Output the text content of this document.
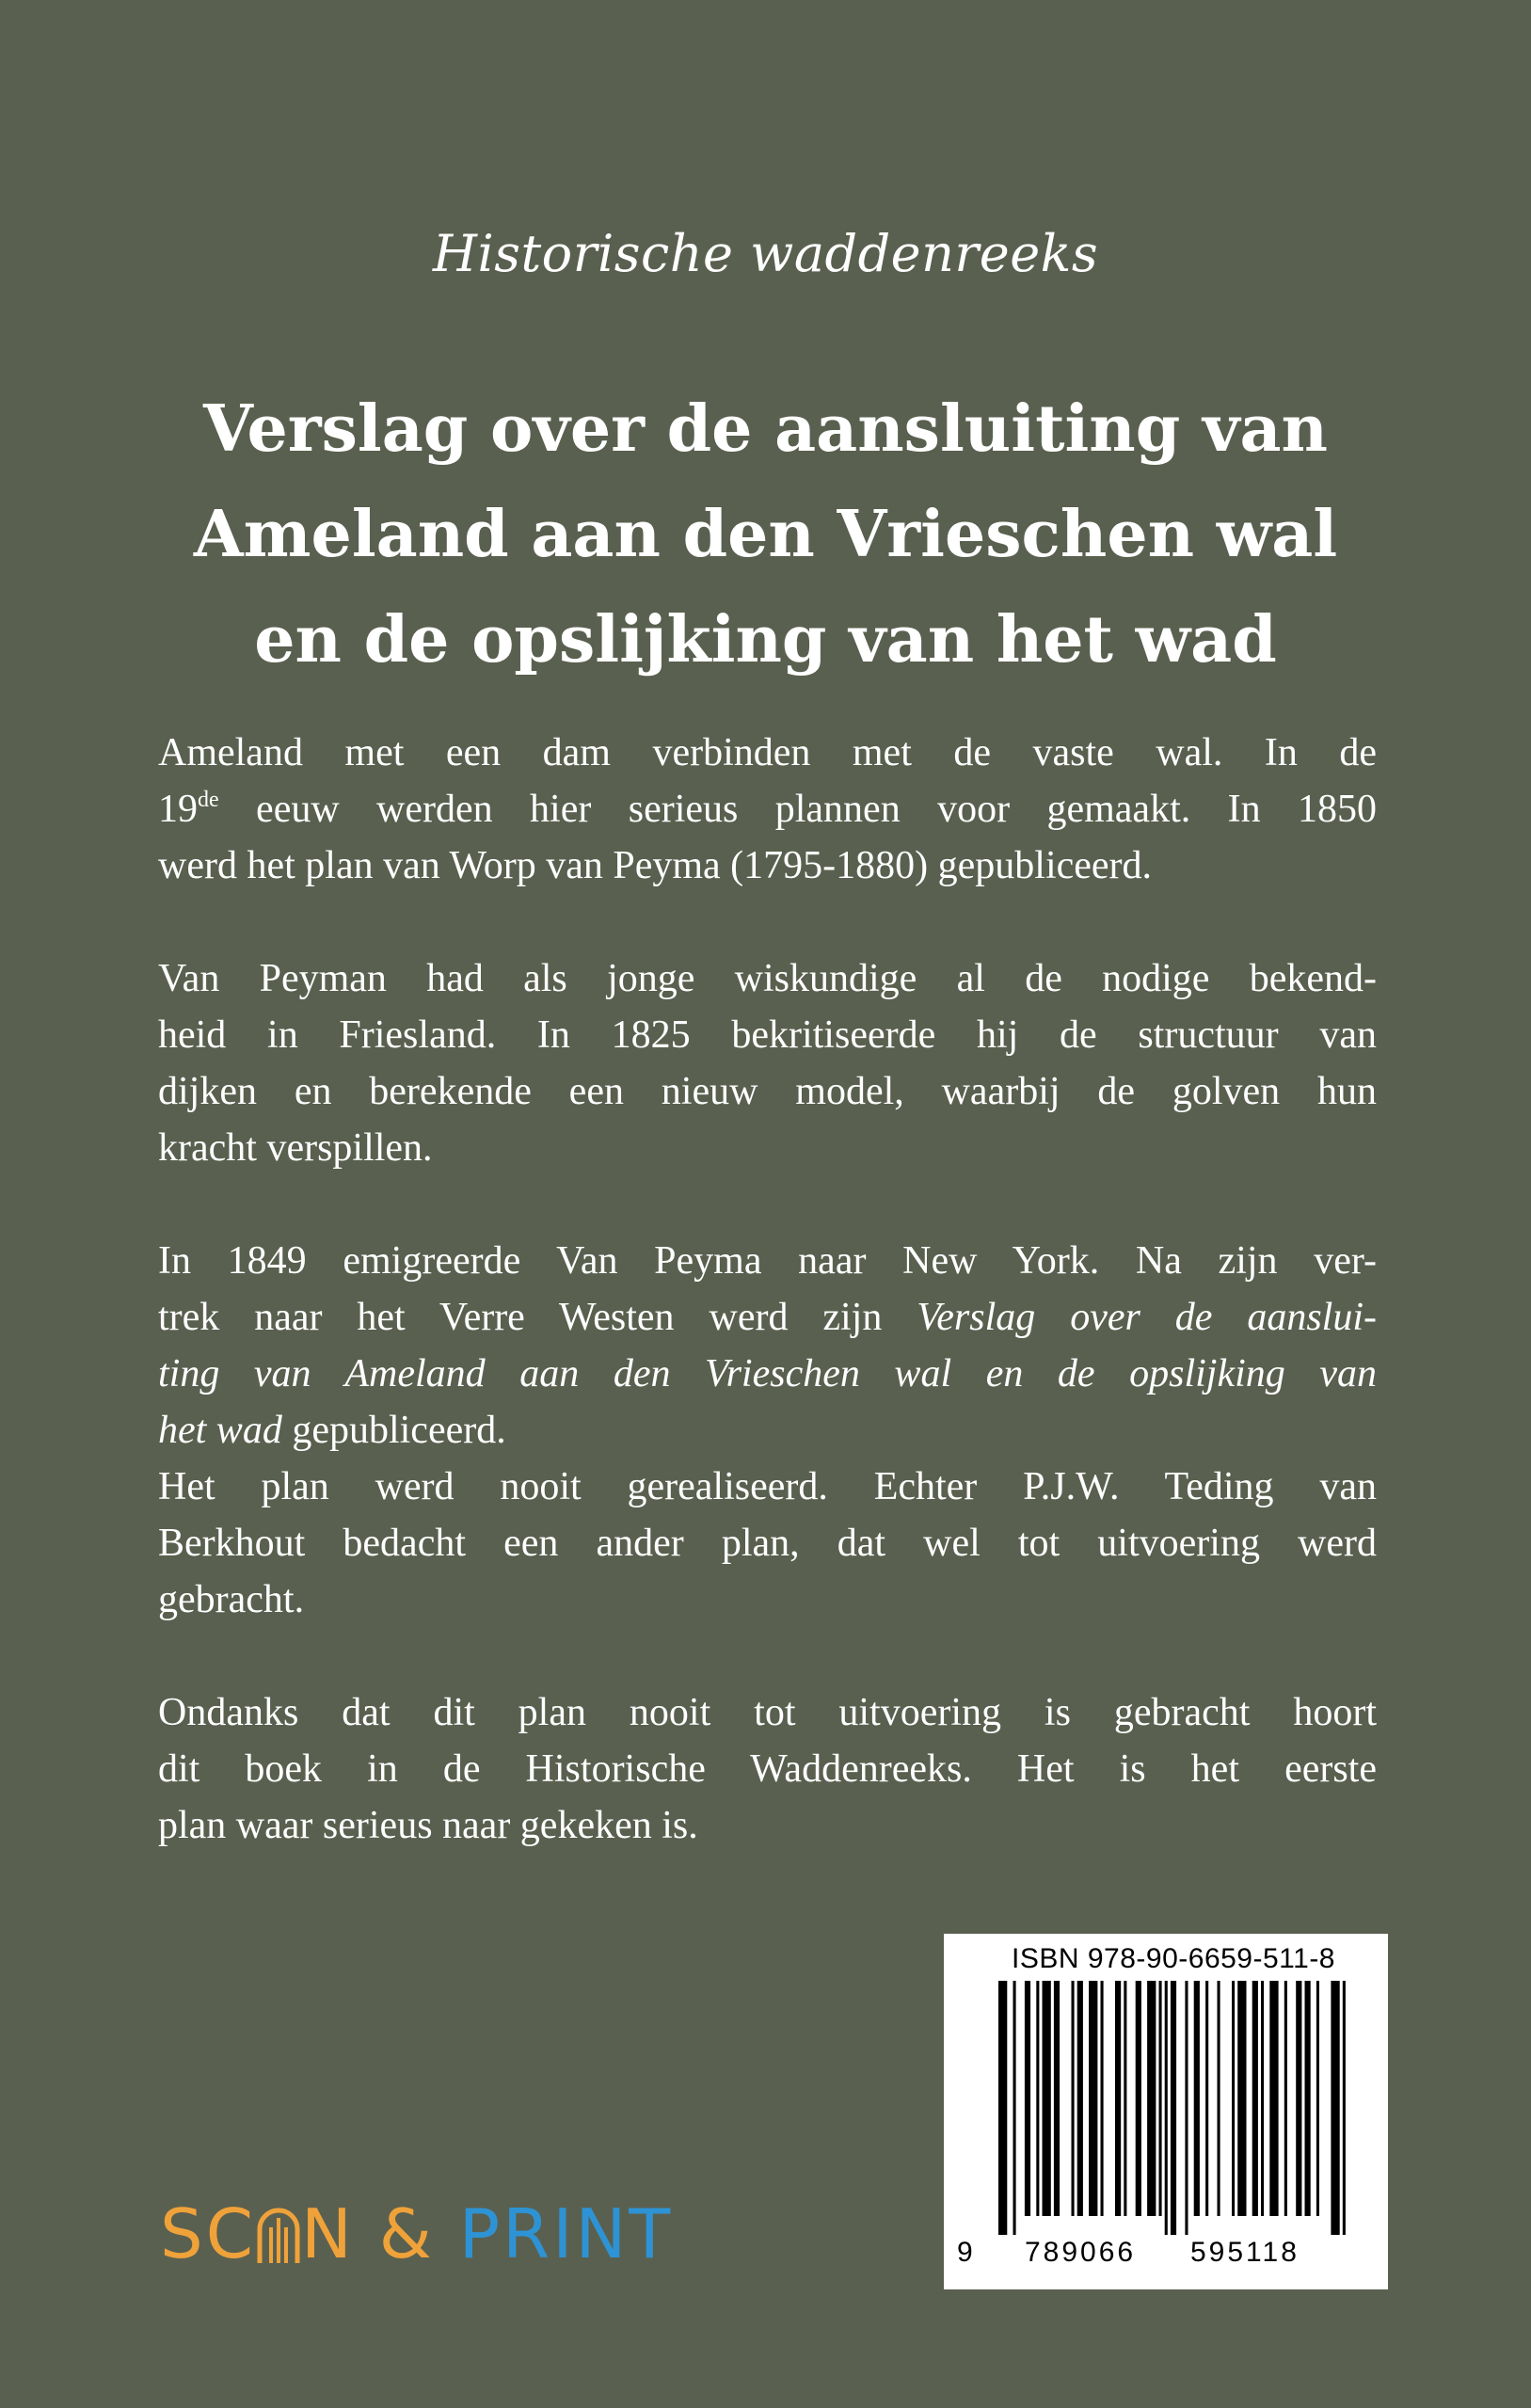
Historische waddenreeks
Verslag over de aansluiting van
Ameland aan den Vrieschen wal
en de opslijking van het wad
Ameland met een dam verbinden met de vaste wal. In de
19de eeuw werden hier serieus plannen voor gemaakt. In 1850
werd het plan van Worp van Peyma (1795-1880) gepubliceerd.
Van Peyman had als jonge wiskundige al de nodige bekend-
heid in Friesland. In 1825 bekritiseerde hij de structuur van
dijken en berekende een nieuw model, waarbij de golven hun
kracht verspillen.
In 1849 emigreerde Van Peyma naar New York. Na zijn ver-
trek naar het Verre Westen werd zijn Verslag over de aanslui-
ting van Ameland aan den Vrieschen wal en de opslijking van
het wad gepubliceerd.
Het plan werd nooit gerealiseerd. Echter P.J.W. Teding van
Berkhout bedacht een ander plan, dat wel tot uitvoering werd
gebracht.
Ondanks dat dit plan nooit tot uitvoering is gebracht hoort
dit boek in de Historische Waddenreeks. Het is het eerste
plan waar serieus naar gekeken is.
ISBN 978-90-6659-511-8
9 789066 595118
SC N & PRINT
